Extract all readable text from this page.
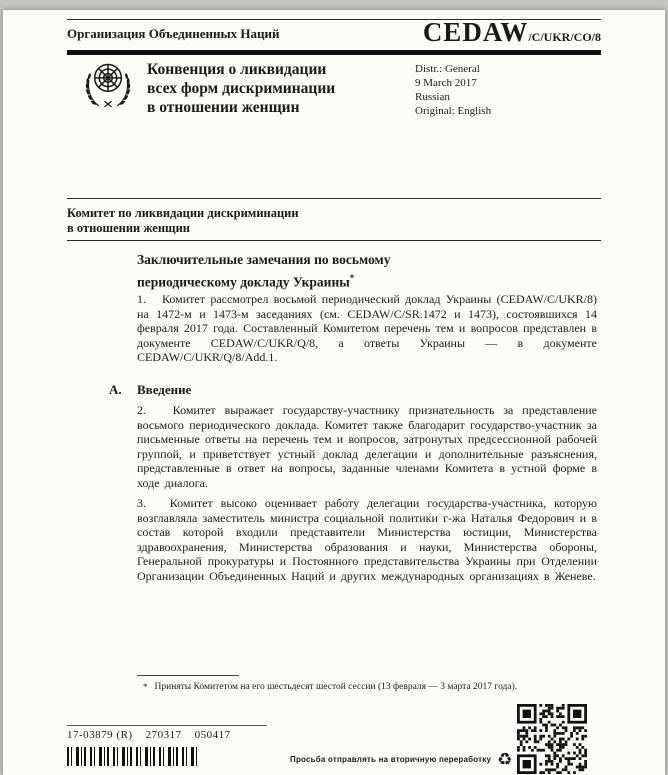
Организация Объединенных Наций	CEDAW/C/UKR/CO/8
Конвенция о ликвидации
всех форм дискриминации
в отношении женщин
Distr.: General
9 March 2017
Russian
Original: English
Комитет по ликвидации дискриминации
в отношении женщин
Заключительные замечания по восьмому
периодическому докладу Украины*

1.   Комитет рассмотрел восьмой периодический доклад Украины (CEDAW/C/UKR/8) на 1472-м и 1473-м заседаниях (см. CEDAW/C/SR.1472 и 1473), состоявшихся 14 февраля 2017 года. Составленный Комитетом перечень тем и вопросов представлен в документе CEDAW/C/UKR/Q/8, а ответы Украины — в документе CEDAW/C/UKR/Q/8/Add.1.

A. Введение

2.   Комитет выражает государству-участнику признательность за представление восьмого периодического доклада. Комитет также благодарит государство-участник за письменные ответы на перечень тем и вопросов, затронутых предсессионной рабочей группой, и приветствует устный доклад делегации и дополнительные разъяснения, представленные в ответ на вопросы, заданные членами Комитета в устной форме в ходе диалога.

3.   Комитет высоко оценивает работу делегации государства-участника, которую возглавляла заместитель министра социальной политики г-жа Наталья Федорович и в состав которой входили представители Министерства юстиции, Министерства здравоохранения, Министерства образования и науки, Министерства обороны, Генеральной прокуратуры и Постоянного представительства Украины при Отделении Организации Объединенных Наций и других международных организациях в Женеве.

* Приняты Комитетом на его шестьдесят шестой сессии (13 февраля — 3 марта 2017 года).
17-03879 (R)    270317    050417
Просьба отправлять на вторичную переработку ♻
